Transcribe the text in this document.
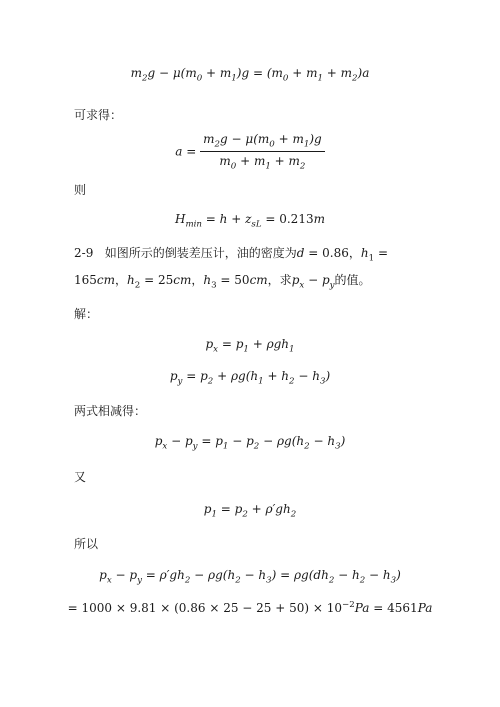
$m_2g - \mu(m_0 + m_1)g = (m_0 + m_1 + m_2)a$
可求得：
$a = \frac{m_2g - \mu(m_0 + m_1)g}{m_0 + m_1 + m_2}$
则
$H_{min} = h + z_{sL} = 0.213m$
2-9 如图所示的倒装差压计，油的密度为d = 0.86，$h_1 = 165cm$，$h_2 = 25cm$，$h_3 = 50cm$，求$p_x - p_y$的值。
解：
$p_x = p_1 + \rho gh_1$
$p_y = p_2 + \rho g(h_1 + h_2 - h_3)$
两式相减得：
$p_x - p_y = p_1 - p_2 - \rho g(h_2 - h_3)$
又
$p_1 = p_2 + \rho'gh_2$
所以
$p_x - p_y = \rho'gh_2 - \rho g(h_2 - h_3) = \rho g(dh_2 - h_2 - h_3)$
= $1000 \times 9.81 \times (0.86 \times 25 - 25 + 50) \times 10^{-2}Pa = 4561Pa$
